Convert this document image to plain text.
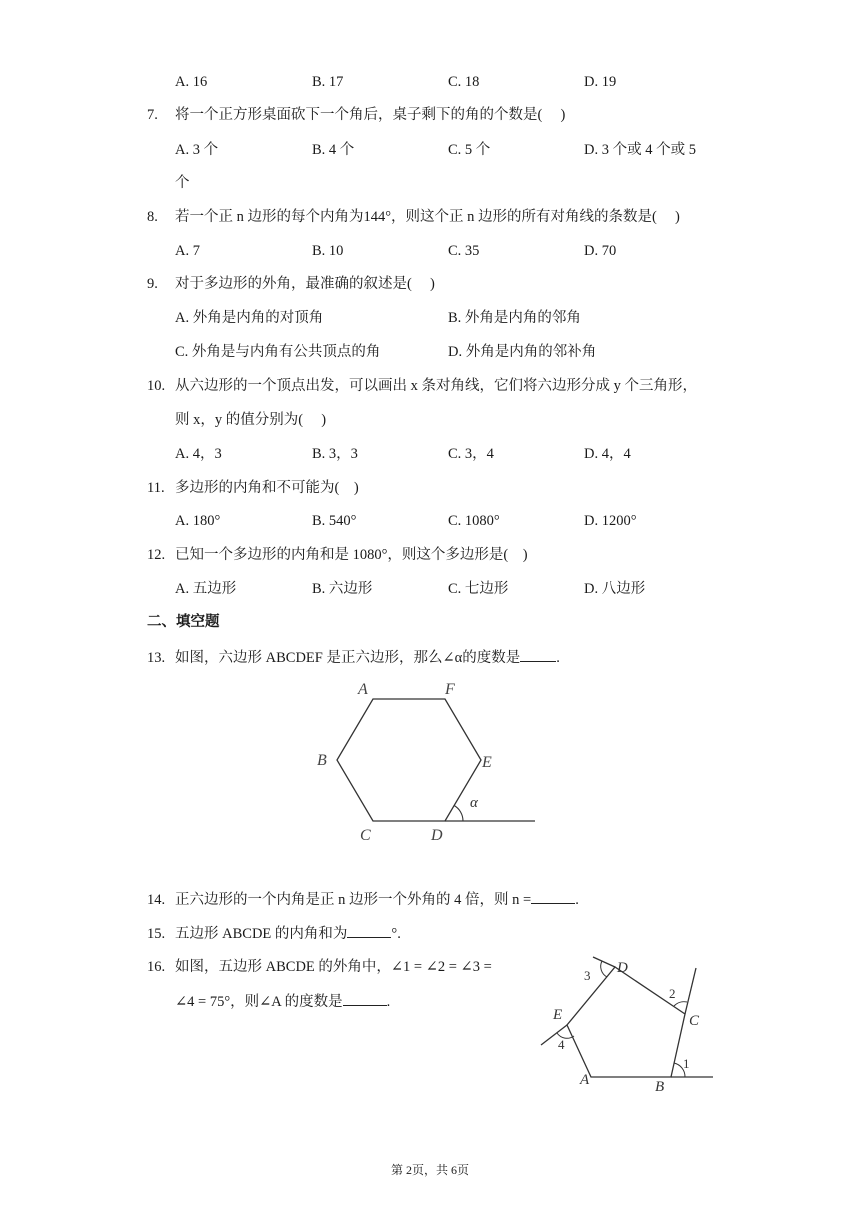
A. 16	B. 17	C. 18	D. 19
7. 将一个正方形桌面砍下一个角后，桌子剩下的角的个数是(　 )
A. 3 个	B. 4 个	C. 5 个	D. 3 个或 4 个或 5
个
8. 若一个正 n 边形的每个内角为144°，则这个正 n 边形的所有对角线的条数是(　 )
A. 7	B. 10	C. 35	D. 70
9. 对于多边形的外角，最准确的叙述是(　 )
A. 外角是内角的对顶角	B. 外角是内角的邻角
C. 外角是与内角有公共顶点的角	D. 外角是内角的邻补角
10. 从六边形的一个顶点出发，可以画出 x 条对角线，它们将六边形分成 y 个三角形，
则 x，y 的值分别为(　 )
A. 4，3	B. 3，3	C. 3，4	D. 4，4
11. 多边形的内角和不可能为(　)
A. 180°	B. 540°	C. 1080°	D. 1200°
12. 已知一个多边形的内角和是 1080°，则这个多边形是(　)
A. 五边形	B. 六边形	C. 七边形	D. 八边形
二、填空题
13. 如图，六边形 ABCDEF 是正六边形，那么∠α的度数是 .
A	F
B	E
C	D
α
14. 正六边形的一个内角是正 n 边形一个外角的 4 倍，则 n =	.
15. 五边形 ABCDE 的内角和为	°.
16. 如图，五边形 ABCDE 的外角中，∠1 = ∠2 = ∠3 =
∠4 = 75°，则∠A 的度数是	.
D
C
E
A	B
1
2
3
4
第 2页，共 6页
